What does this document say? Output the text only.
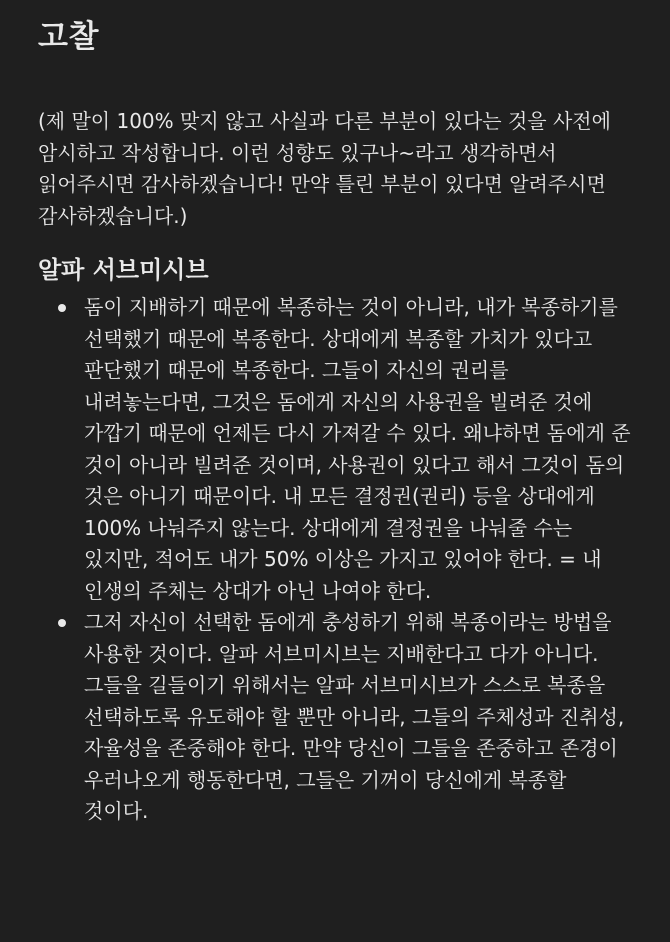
고찰

(제 말이 100% 맞지 않고 사실과 다른 부분이 있다는 것을 사전에 암시하고 작성합니다. 이런 성향도 있구나~라고 생각하면서 읽어주시면 감사하겠습니다! 만약 틀린 부분이 있다면 알려주시면 감사하겠습니다.)

알파 서브미시브
돔이 지배하기 때문에 복종하는 것이 아니라, 내가 복종하기를 선택했기 때문에 복종한다. 상대에게 복종할 가치가 있다고 판단했기 때문에 복종한다. 그들이 자신의 권리를 내려놓는다면, 그것은 돔에게 자신의 사용권을 빌려준 것에 가깝기 때문에 언제든 다시 가져갈 수 있다. 왜냐하면 돔에게 준 것이 아니라 빌려준 것이며, 사용권이 있다고 해서 그것이 돔의 것은 아니기 때문이다. 내 모든 결정권(권리) 등을 상대에게 100% 나눠주지 않는다. 상대에게 결정권을 나눠줄 수는 있지만, 적어도 내가 50% 이상은 가지고 있어야 한다. = 내 인생의 주체는 상대가 아닌 나여야 한다.
그저 자신이 선택한 돔에게 충성하기 위해 복종이라는 방법을 사용한 것이다. 알파 서브미시브는 지배한다고 다가 아니다. 그들을 길들이기 위해서는 알파 서브미시브가 스스로 복종을 선택하도록 유도해야 할 뿐만 아니라, 그들의 주체성과 진취성, 자율성을 존중해야 한다. 만약 당신이 그들을 존중하고 존경이 우러나오게 행동한다면, 그들은 기꺼이 당신에게 복종할 것이다.
